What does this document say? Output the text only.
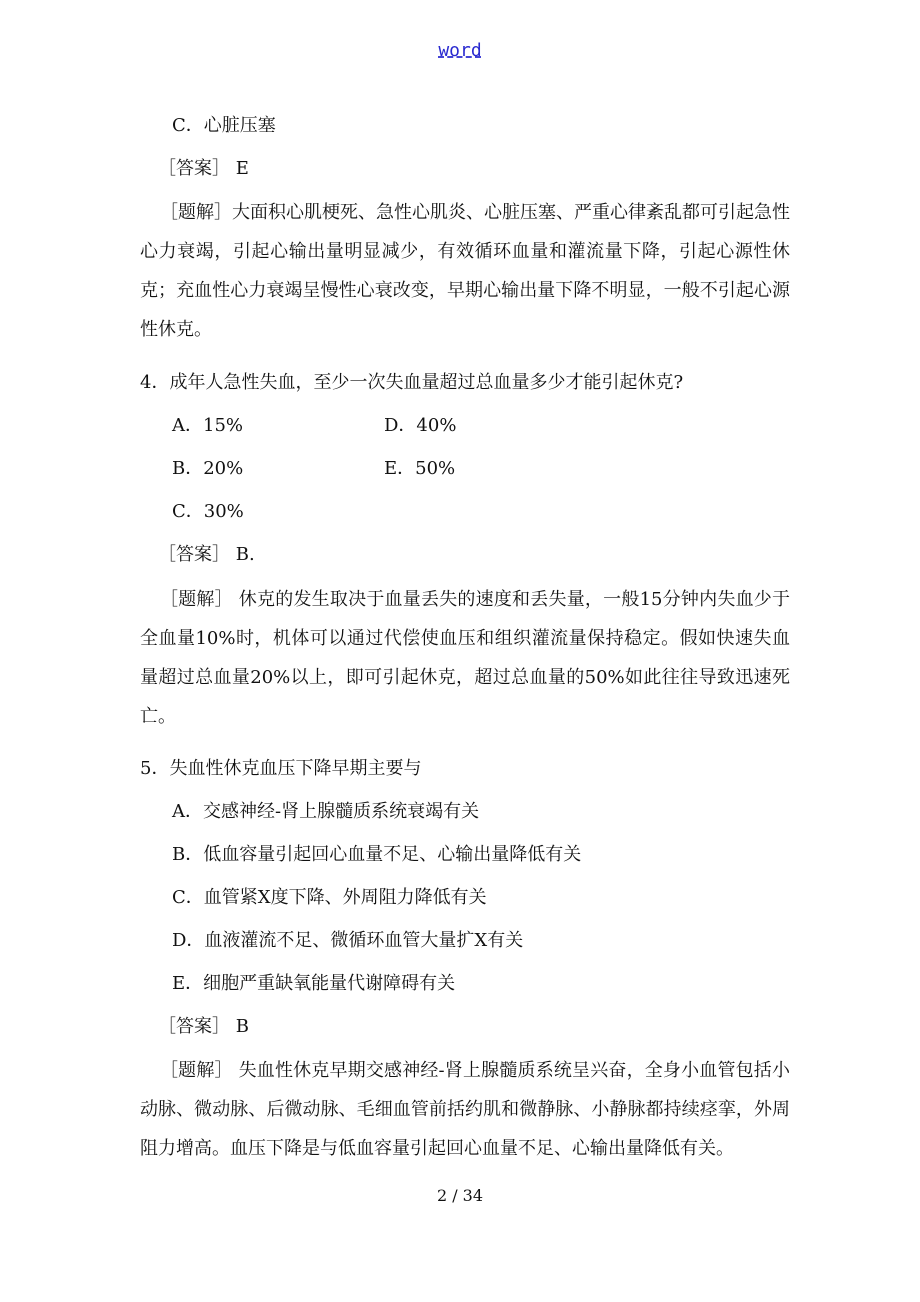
word
C．心脏压塞
［答案］ E
［题解］大面积心肌梗死、急性心肌炎、心脏压塞、严重心律紊乱都可引起急性心力衰竭，引起心输出量明显减少，有效循环血量和灌流量下降，引起心源性休克；充血性心力衰竭呈慢性心衰改变，早期心输出量下降不明显，一般不引起心源性休克。
4．成年人急性失血，至少一次失血量超过总血量多少才能引起休克?
A．15%	D．40%
B．20%	E．50%
C．30%
［答案］ B.
［题解］ 休克的发生取决于血量丢失的速度和丢失量，一般15分钟内失血少于全血量10%时，机体可以通过代偿使血压和组织灌流量保持稳定。假如快速失血量超过总血量20%以上，即可引起休克，超过总血量的50%如此往往导致迅速死亡。
5．失血性休克血压下降早期主要与
A．交感神经-肾上腺髓质系统衰竭有关
B．低血容量引起回心血量不足、心输出量降低有关
C．血管紧X度下降、外周阻力降低有关
D．血液灌流不足、微循环血管大量扩X有关
E．细胞严重缺氧能量代谢障碍有关
［答案］ B
［题解］ 失血性休克早期交感神经-肾上腺髓质系统呈兴奋，全身小血管包括小动脉、微动脉、后微动脉、毛细血管前括约肌和微静脉、小静脉都持续痉挛，外周阻力增高。血压下降是与低血容量引起回心血量不足、心输出量降低有关。
2 / 34
